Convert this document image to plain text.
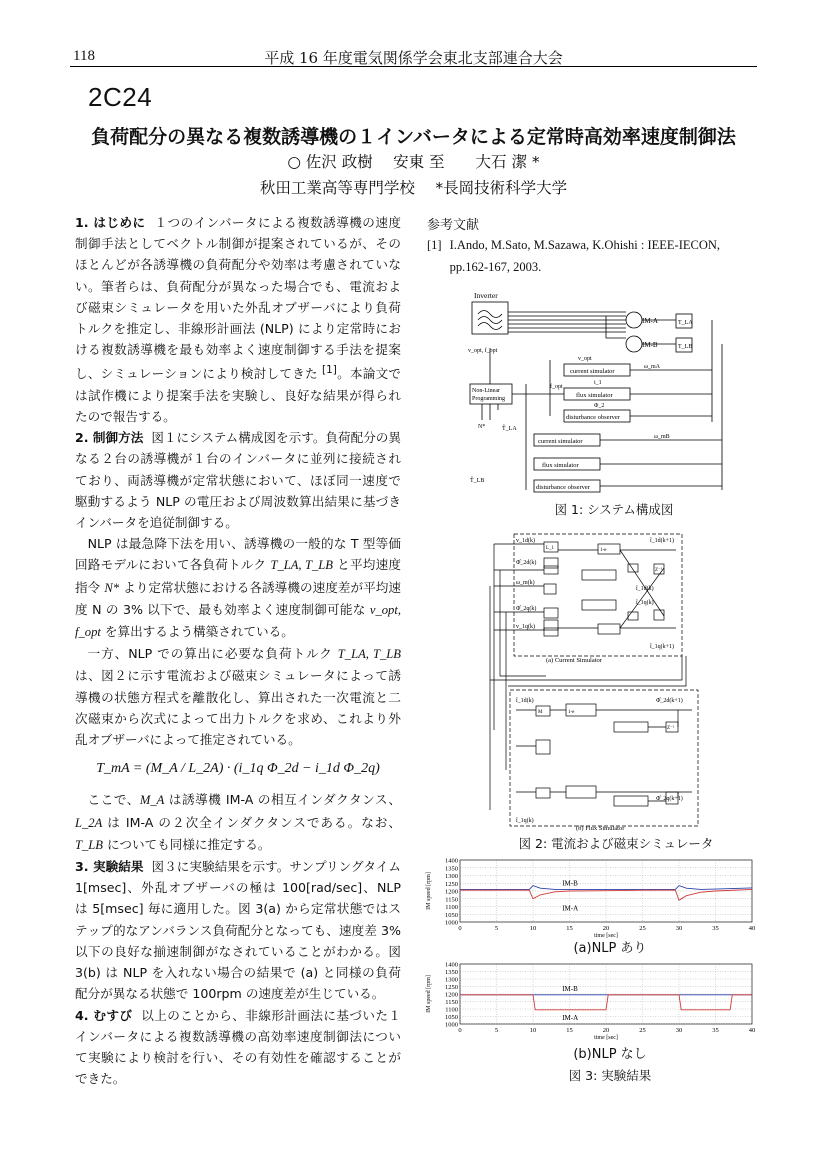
118	平成 16 年度電気関係学会東北支部連合大会
2C24
負荷配分の異なる複数誘導機の１インバータによる定常時高効率速度制御法
○ 佐沢 政樹　 安東 至　　大石 潔 *
秋田工業高等専門学校　 *長岡技術科学大学

1. はじめに １つのインバータによる複数誘導機の速度制御手法としてベクトル制御が提案されているが、そのほとんどが各誘導機の負荷配分や効率は考慮されていない。筆者らは、負荷配分が異なった場合でも、電流および磁束シミュレータを用いた外乱オブザーバにより負荷トルクを推定し、非線形計画法 (NLP) により定常時における複数誘導機を最も効率よく速度制御する手法を提案し、シミュレーションにより検討してきた [1]。本論文では試作機により提案手法を実験し、良好な結果が得られたので報告する。

2. 制御方法 図１にシステム構成図を示す。負荷配分の異なる２台の誘導機が１台のインバータに並列に接続されており、両誘導機が定常状態において、ほぼ同一速度で駆動するよう NLP の電圧および周波数算出結果に基づきインバータを追従制御する。

NLP は最急降下法を用い、誘導機の一般的な T 型等価回路モデルにおいて各負荷トルク T_LA, T_LB と平均速度指令 N* より定常状態における各誘導機の速度差が平均速度 N の 3% 以下で、最も効率よく速度制御可能な v_opt, f_opt を算出するよう構築されている。

一方、NLP での算出に必要な負荷トルク T_LA, T_LB は、図２に示す電流および磁束シミュレータによって誘導機の状態方程式を離散化し、算出された一次電流と二次磁束から次式によって出力トルクを求め、これより外乱オブザーバによって推定されている。

T_mA = (M_A / L_2A) · (i_1q Φ_2d − i_1d Φ_2q)

ここで、M_A は誘導機 IM-A の相互インダクタンス、L_2A は IM-A の２次全インダクタンスである。なお、T_LB についても同様に推定する。

3. 実験結果 図３に実験結果を示す。サンプリングタイム 1[msec]、外乱オブザーバの極は 100[rad/sec]、NLP は 5[msec] 毎に適用した。図 3(a) から定常状態ではステップ的なアンバランス負荷配分となっても、速度差 3% 以下の良好な揃速制御がなされていることがわかる。図 3(b) は NLP を入れない場合の結果で (a) と同様の負荷配分が異なる状態で 100rpm の速度差が生じている。

4. むすび 以上のことから、非線形計画法に基づいた１インバータによる複数誘導機の高効率速度制御法について実験により検討を行い、その有効性を確認することができた。

参考文献
[1] I.Ando, M.Sato, M.Sazawa, K.Ohishi : IEEE-IECON, pp.162-167, 2003.
Inverter
IM-A
IM-B
T_LA
T_LB
v_opt, f_opt
Non-Linear
Programming
N*
current simulator
flux simulator
disturbance observer
current simulator
flux simulator
disturbance observer
ω_mA
ω_mB
v_opt
f_opt
i_1
Φ_2
T̂_LA
T̂_LB
図 1: システム構成図
v_1d(k)
Φ̂_2d(k)
ω_m(k)
Φ̂_2q(k)
v_1q(k)
î_1d(k+1)
î_1q(k+1)
î_1d(k)
î_1q(k)
L_1	1-e
Z⁻¹
(a) Current Simulator
î_1d(k)
î_1q(k)
Φ̂_2d(k+1)
Φ̂_2q(k+1)
M	1-e
Z⁻¹
(b) Flux Simulator
図 2: 電流および磁束シミュレータ
1000
1050
1100
1150
1200
1250
1300
1350
1400
0	5	10	15	20	25	30	35	40
time [sec]
IM speed [rpm]	IM-B
IM-A
(a)NLP あり
1000
1050
1100
1150
1200
1250
1300
1350
1400
0	5	10	15	20	25	30	35	40
time [sec]
IM speed [rpm]	IM-B
IM-A
(b)NLP なし
図 3: 実験結果
